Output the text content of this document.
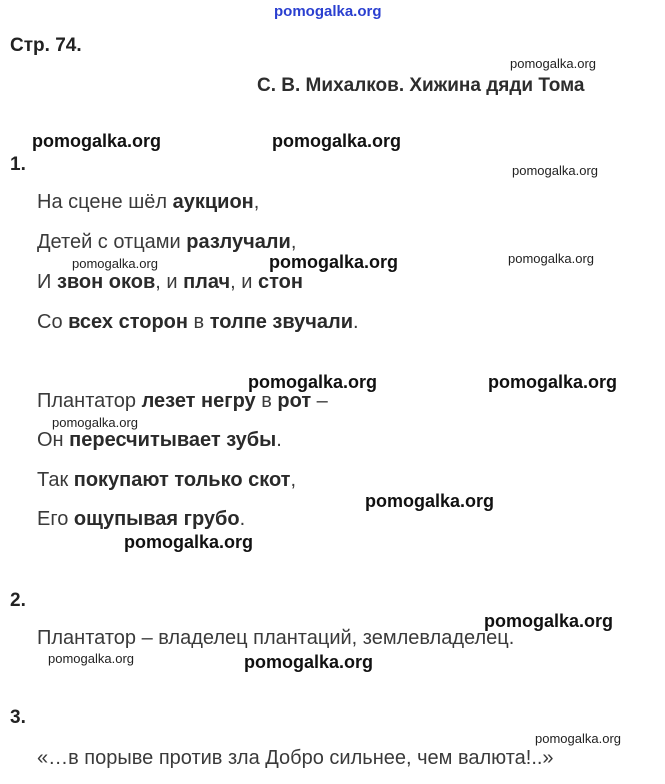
pomogalka.org
Стр. 74.
С. В. Михалков. Хижина дяди Тома
1.
На сцене шёл аукцион,
Детей с отцами разлучали,
И звон оков, и плач, и стон
Со всех сторон в толпе звучали.
Плантатор лезет негру в рот –
Он пересчитывает зубы.
Так покупают только скот,
Его ощупывая грубо.
2.
Плантатор – владелец плантаций, землевладелец.
3.
«…в порыве против зла Добро сильнее, чем валюта!..»
pomogalka.org
pomogalka.org	pomogalka.org
pomogalka.org
pomogalka.org	pomogalka.org	pomogalka.org
pomogalka.org	pomogalka.org
pomogalka.org
pomogalka.org
pomogalka.org
pomogalka.org
pomogalka.org	pomogalka.org
pomogalka.org
